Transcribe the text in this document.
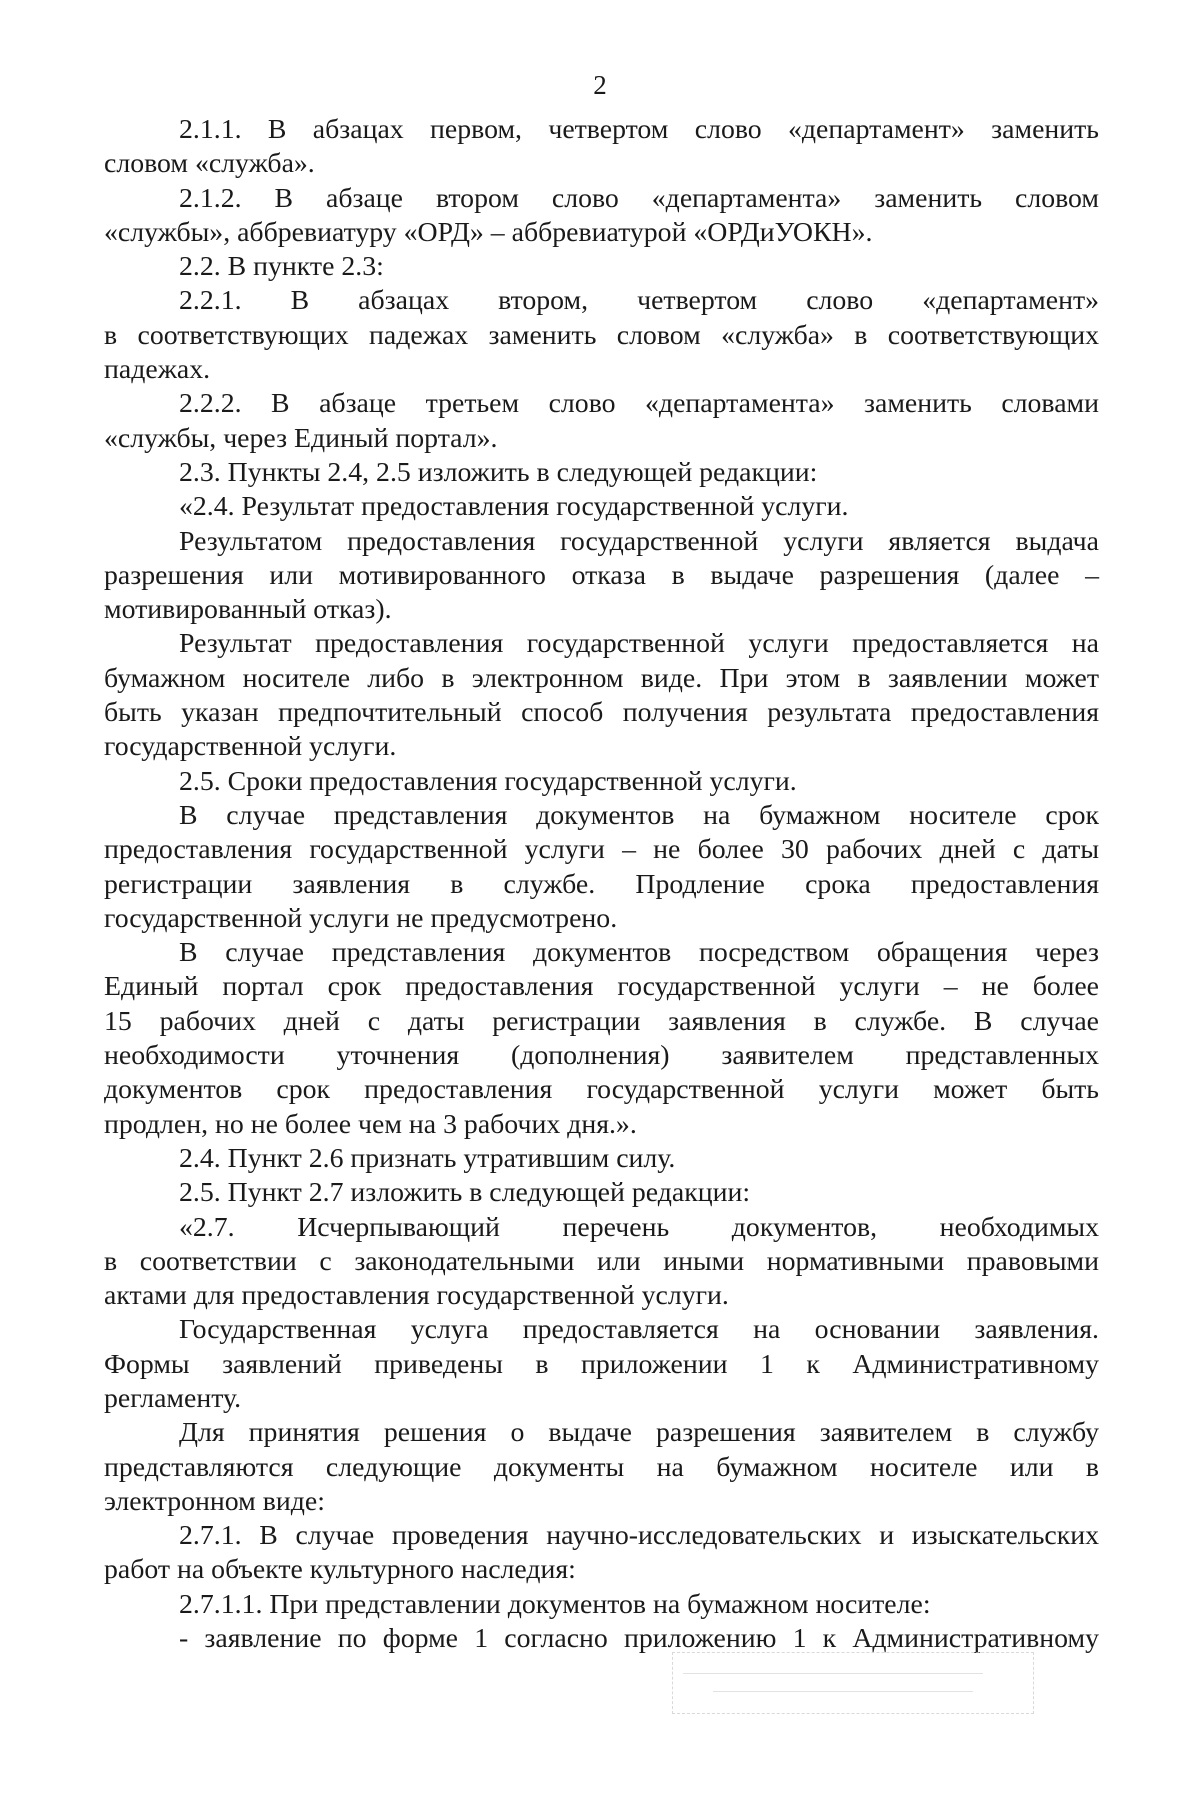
2
2.1.1. В абзацах первом, четвертом слово «департамент» заменить
словом «служба».
2.1.2. В абзаце втором слово «департамента» заменить словом
«службы», аббревиатуру «ОРД» – аббревиатурой «ОРДиУОКН».
2.2. В пункте 2.3:
2.2.1. В абзацах втором, четвертом слово «департамент»
в соответствующих падежах заменить словом «служба» в соответствующих
падежах.
2.2.2. В абзаце третьем слово «департамента» заменить словами
«службы, через Единый портал».
2.3. Пункты 2.4, 2.5 изложить в следующей редакции:
«2.4. Результат предоставления государственной услуги.
Результатом предоставления государственной услуги является выдача
разрешения или мотивированного отказа в выдаче разрешения (далее –
мотивированный отказ).
Результат предоставления государственной услуги предоставляется на
бумажном носителе либо в электронном виде. При этом в заявлении может
быть указан предпочтительный способ получения результата предоставления
государственной услуги.
2.5. Сроки предоставления государственной услуги.
В случае представления документов на бумажном носителе срок
предоставления государственной услуги – не более 30 рабочих дней с даты
регистрации заявления в службе. Продление срока предоставления
государственной услуги не предусмотрено.
В случае представления документов посредством обращения через
Единый портал срок предоставления государственной услуги – не более
15 рабочих дней с даты регистрации заявления в службе. В случае
необходимости уточнения (дополнения) заявителем представленных
документов срок предоставления государственной услуги может быть
продлен, но не более чем на 3 рабочих дня.».
2.4. Пункт 2.6 признать утратившим силу.
2.5. Пункт 2.7 изложить в следующей редакции:
«2.7. Исчерпывающий перечень документов, необходимых
в соответствии с законодательными или иными нормативными правовыми
актами для предоставления государственной услуги.
Государственная услуга предоставляется на основании заявления.
Формы заявлений приведены в приложении 1 к Административному
регламенту.
Для принятия решения о выдаче разрешения заявителем в службу
представляются следующие документы на бумажном носителе или в
электронном виде:
2.7.1. В случае проведения научно-исследовательских и изыскательских
работ на объекте культурного наследия:
2.7.1.1. При представлении документов на бумажном носителе:
- заявление по форме 1 согласно приложению 1 к Административному
